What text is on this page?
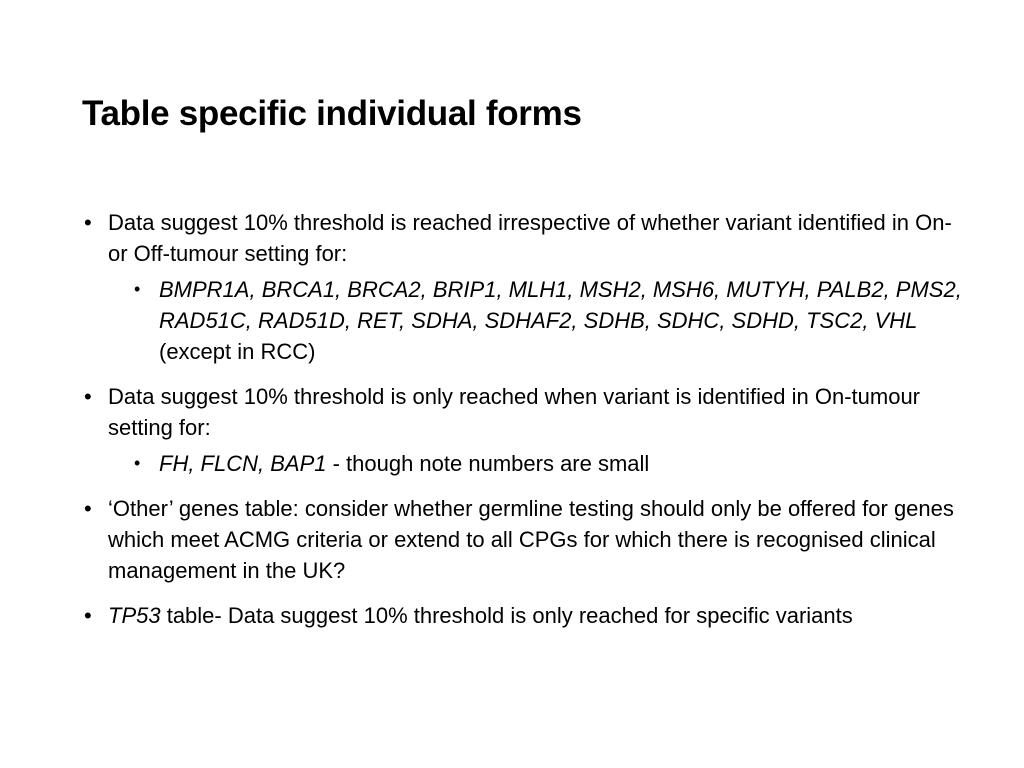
Table specific individual forms
• Data suggest 10% threshold is reached irrespective of whether variant identified in On- or Off-tumour setting for:
• BMPR1A, BRCA1, BRCA2, BRIP1, MLH1, MSH2, MSH6, MUTYH, PALB2, PMS2, RAD51C, RAD51D, RET, SDHA, SDHAF2, SDHB, SDHC, SDHD, TSC2, VHL (except in RCC)
• Data suggest 10% threshold is only reached when variant is identified in On-tumour setting for:
• FH, FLCN, BAP1 - though note numbers are small
• ‘Other’ genes table: consider whether germline testing should only be offered for genes which meet ACMG criteria or extend to all CPGs for which there is recognised clinical management in the UK?
• TP53 table- Data suggest 10% threshold is only reached for specific variants
